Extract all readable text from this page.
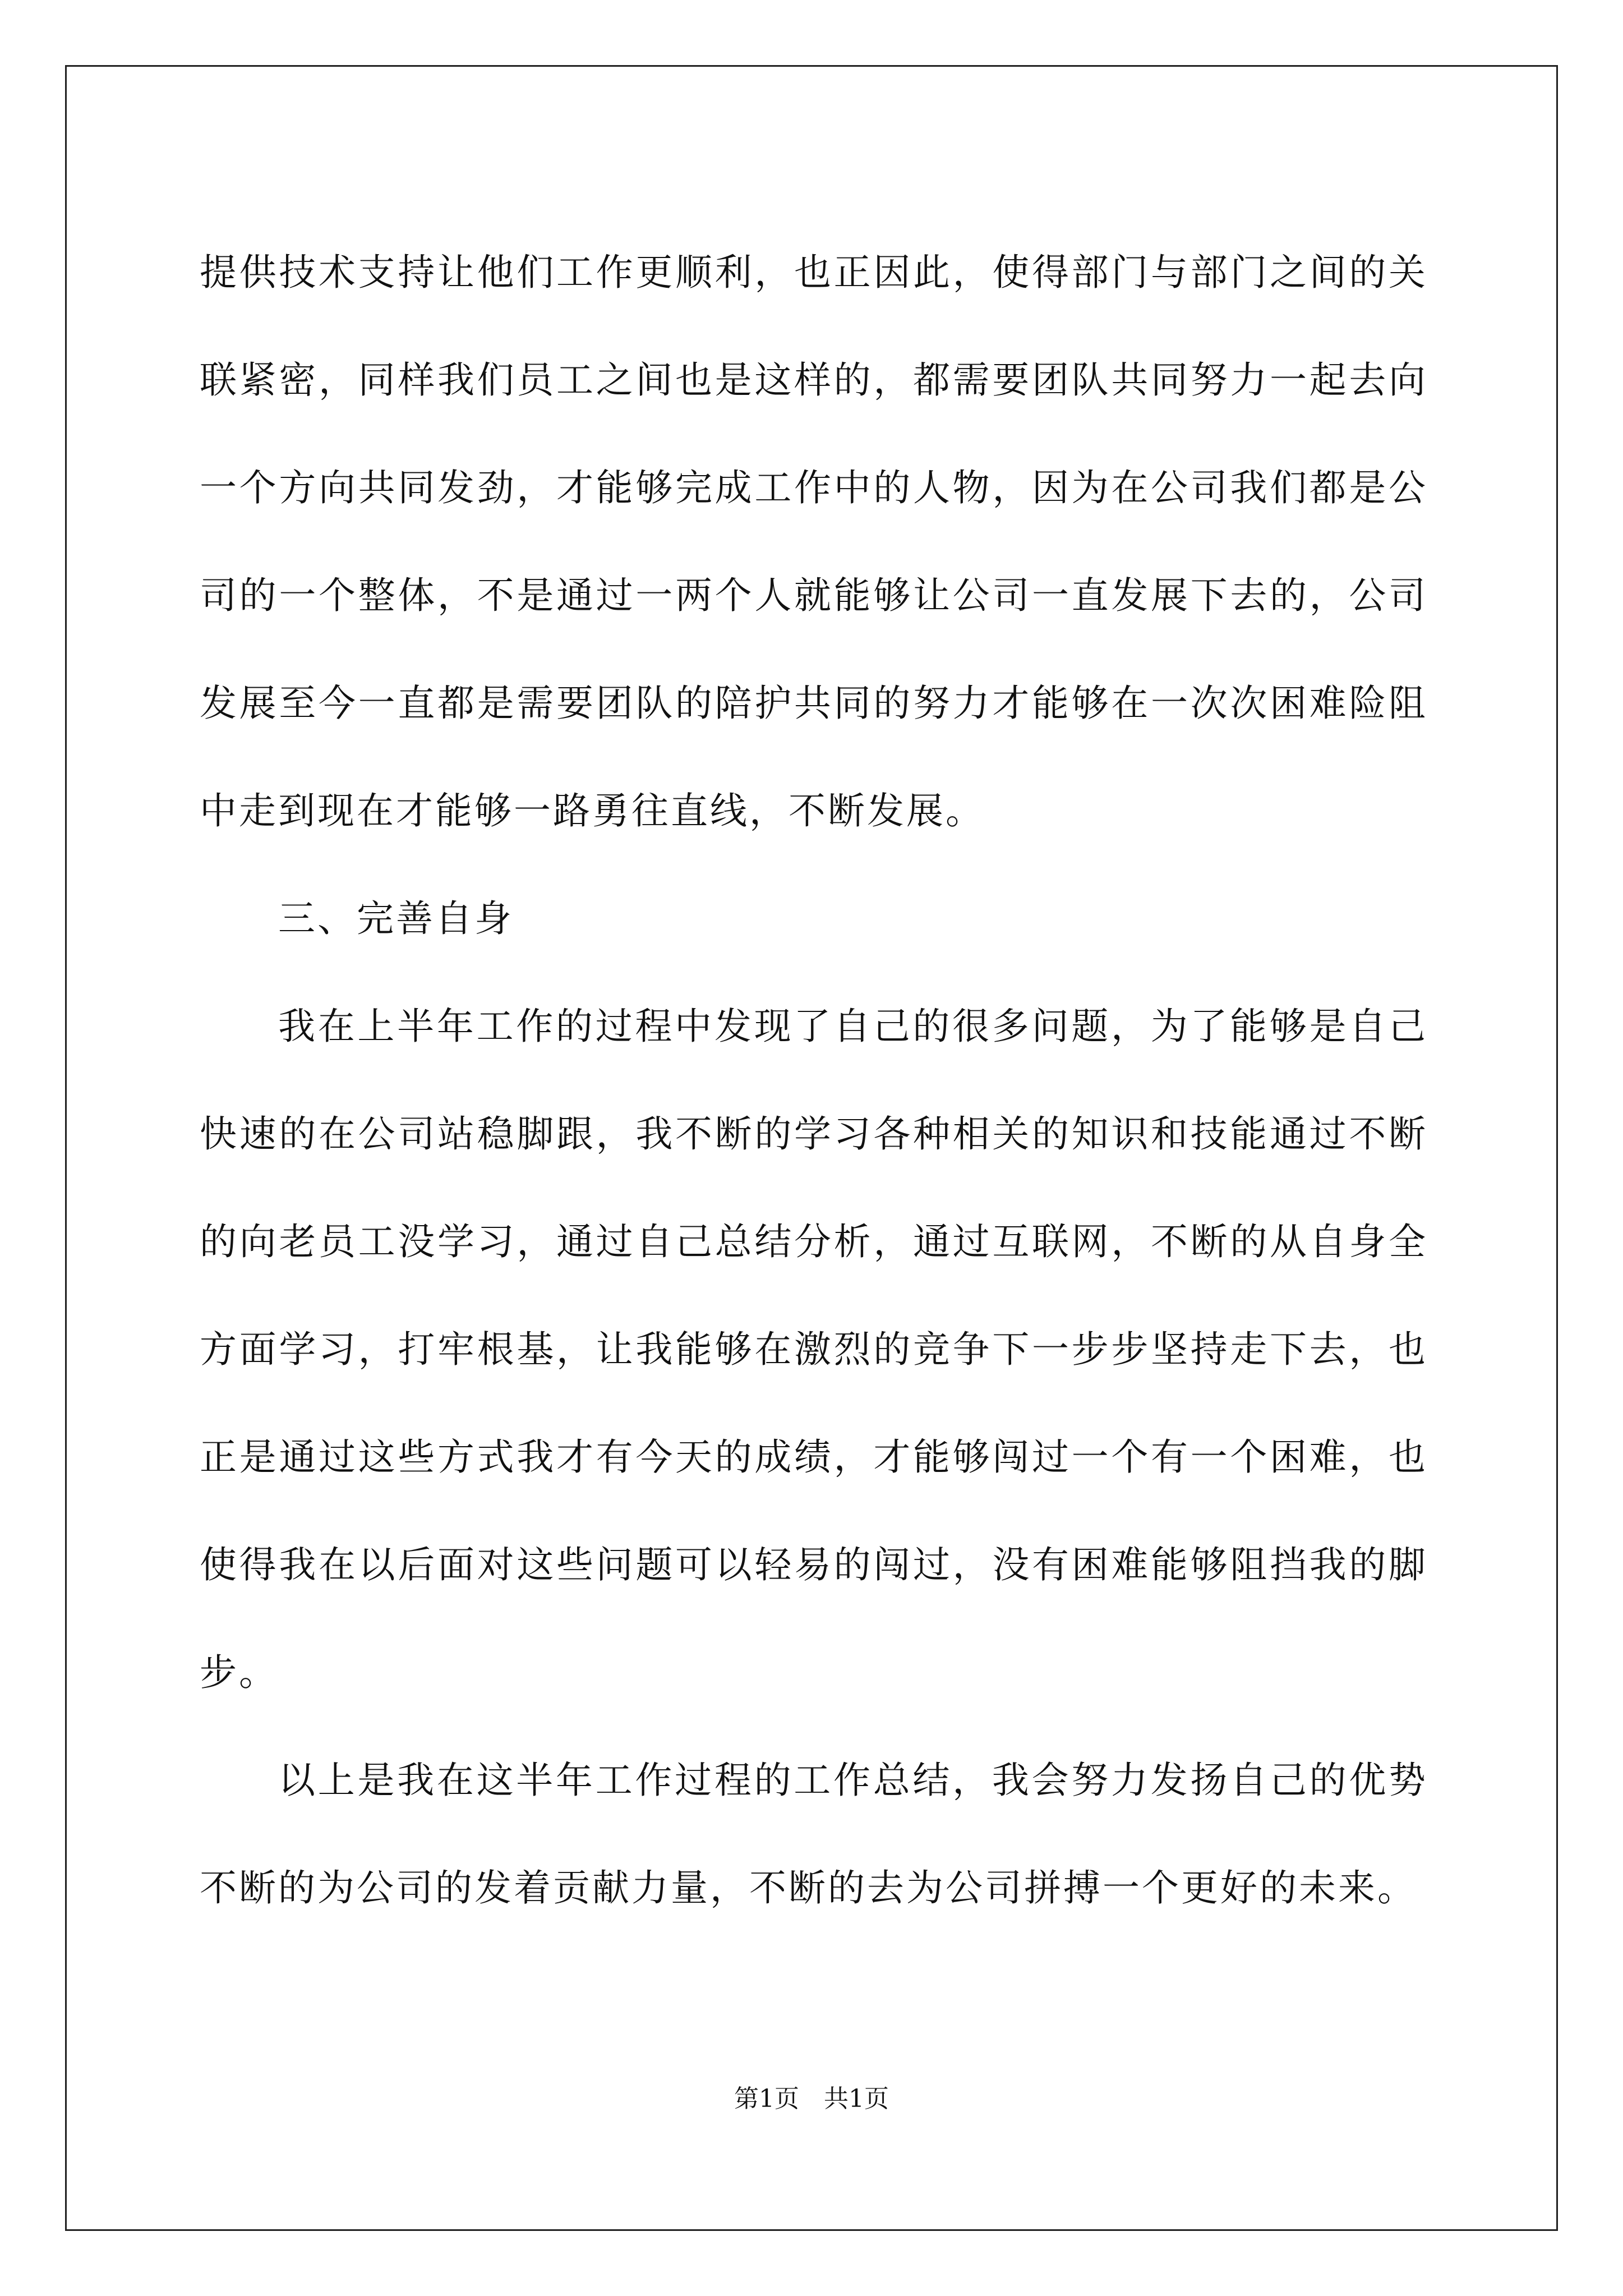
提供技术支持让他们工作更顺利，也正因此，使得部门与部门之间的关联紧密，同样我们员工之间也是这样的，都需要团队共同努力一起去向一个方向共同发劲，才能够完成工作中的人物，因为在公司我们都是公司的一个整体，不是通过一两个人就能够让公司一直发展下去的，公司发展至今一直都是需要团队的陪护共同的努力才能够在一次次困难险阻中走到现在才能够一路勇往直线，不断发展。

三、完善自身

我在上半年工作的过程中发现了自己的很多问题，为了能够是自己快速的在公司站稳脚跟，我不断的学习各种相关的知识和技能通过不断的向老员工没学习，通过自己总结分析，通过互联网，不断的从自身全方面学习，打牢根基，让我能够在激烈的竞争下一步步坚持走下去，也正是通过这些方式我才有今天的成绩，才能够闯过一个有一个困难，也使得我在以后面对这些问题可以轻易的闯过，没有困难能够阻挡我的脚步。

以上是我在这半年工作过程的工作总结，我会努力发扬自己的优势不断的为公司的发着贡献力量，不断的去为公司拼搏一个更好的未来。

第1页　共1页
